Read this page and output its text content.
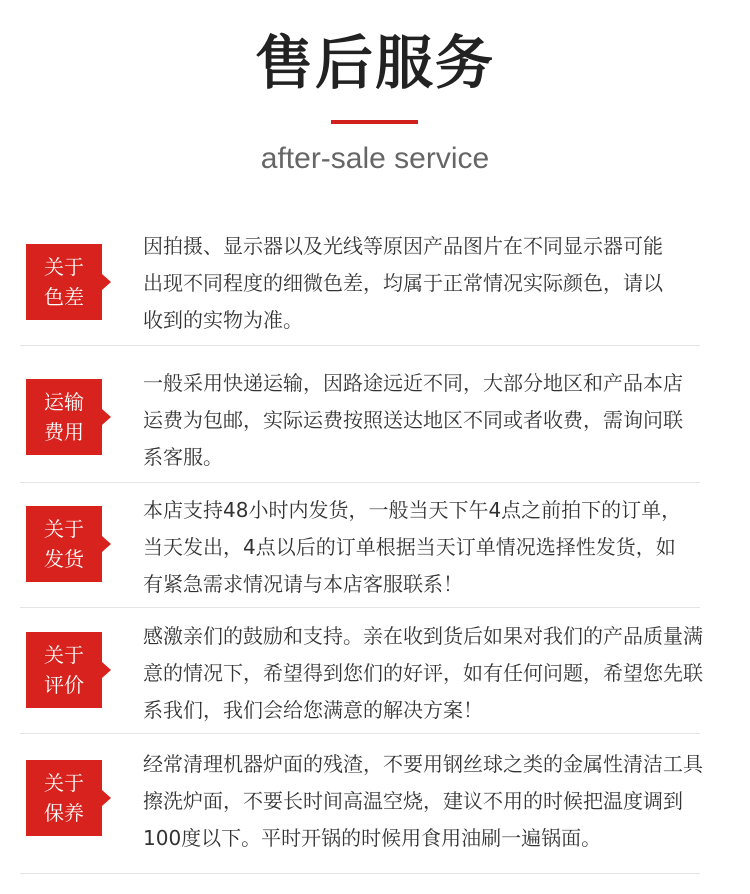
售后服务
after-sale service
关于
色差
因拍摄、显示器以及光线等原因产品图片在不同显示器可能
出现不同程度的细微色差，均属于正常情况实际颜色，请以
收到的实物为准。
运输
费用
一般采用快递运输，因路途远近不同，大部分地区和产品本店
运费为包邮，实际运费按照送达地区不同或者收费，需询问联
系客服。
关于
发货
本店支持48小时内发货，一般当天下午4点之前拍下的订单，
当天发出，4点以后的订单根据当天订单情况选择性发货，如
有紧急需求情况请与本店客服联系！
关于
评价
感激亲们的鼓励和支持。亲在收到货后如果对我们的产品质量满
意的情况下，希望得到您们的好评，如有任何问题，希望您先联
系我们，我们会给您满意的解决方案！
关于
保养
经常清理机器炉面的残渣，不要用钢丝球之类的金属性清洁工具
擦洗炉面，不要长时间高温空烧，建议不用的时候把温度调到
100度以下。平时开锅的时候用食用油刷一遍锅面。
